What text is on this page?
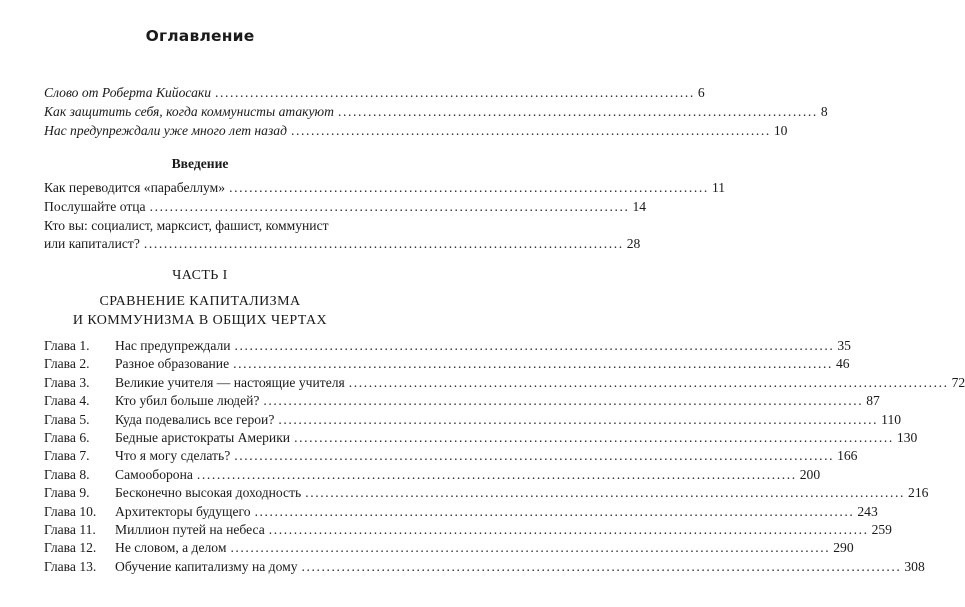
Оглавление
Слово от Роберта Кийосаки ................................................................................................ 6
Как защитить себя, когда коммунисты атакуют ................................................................................................ 8
Нас предупреждали уже много лет назад ................................................................................................ 10
Введение
Как переводится «парабеллум» ................................................................................................ 11
Послушайте отца ................................................................................................ 14
Кто вы: социалист, марксист, фашист, коммунист
или капиталист? ................................................................................................ 28
ЧАСТЬ I
СРАВНЕНИЕ КАПИТАЛИЗМА
И КОММУНИЗМА В ОБЩИХ ЧЕРТАХ
Глава 1.	Нас предупреждали ........................................................................................................................ 35
Глава 2.	Разное образование ........................................................................................................................ 46
Глава 3.	Великие учителя — настоящие учителя ........................................................................................................................ 72
Глава 4.	Кто убил больше людей? ........................................................................................................................ 87
Глава 5.	Куда подевались все герои? ........................................................................................................................ 110
Глава 6.	Бедные аристократы Америки ........................................................................................................................ 130
Глава 7.	Что я могу сделать? ........................................................................................................................ 166
Глава 8.	Самооборона ........................................................................................................................ 200
Глава 9.	Бесконечно высокая доходность ........................................................................................................................ 216
Глава 10.	Архитекторы будущего ........................................................................................................................ 243
Глава 11.	Миллион путей на небеса ........................................................................................................................ 259
Глава 12.	Не словом, а делом ........................................................................................................................ 290
Глава 13.	Обучение капитализму на дому ........................................................................................................................ 308
